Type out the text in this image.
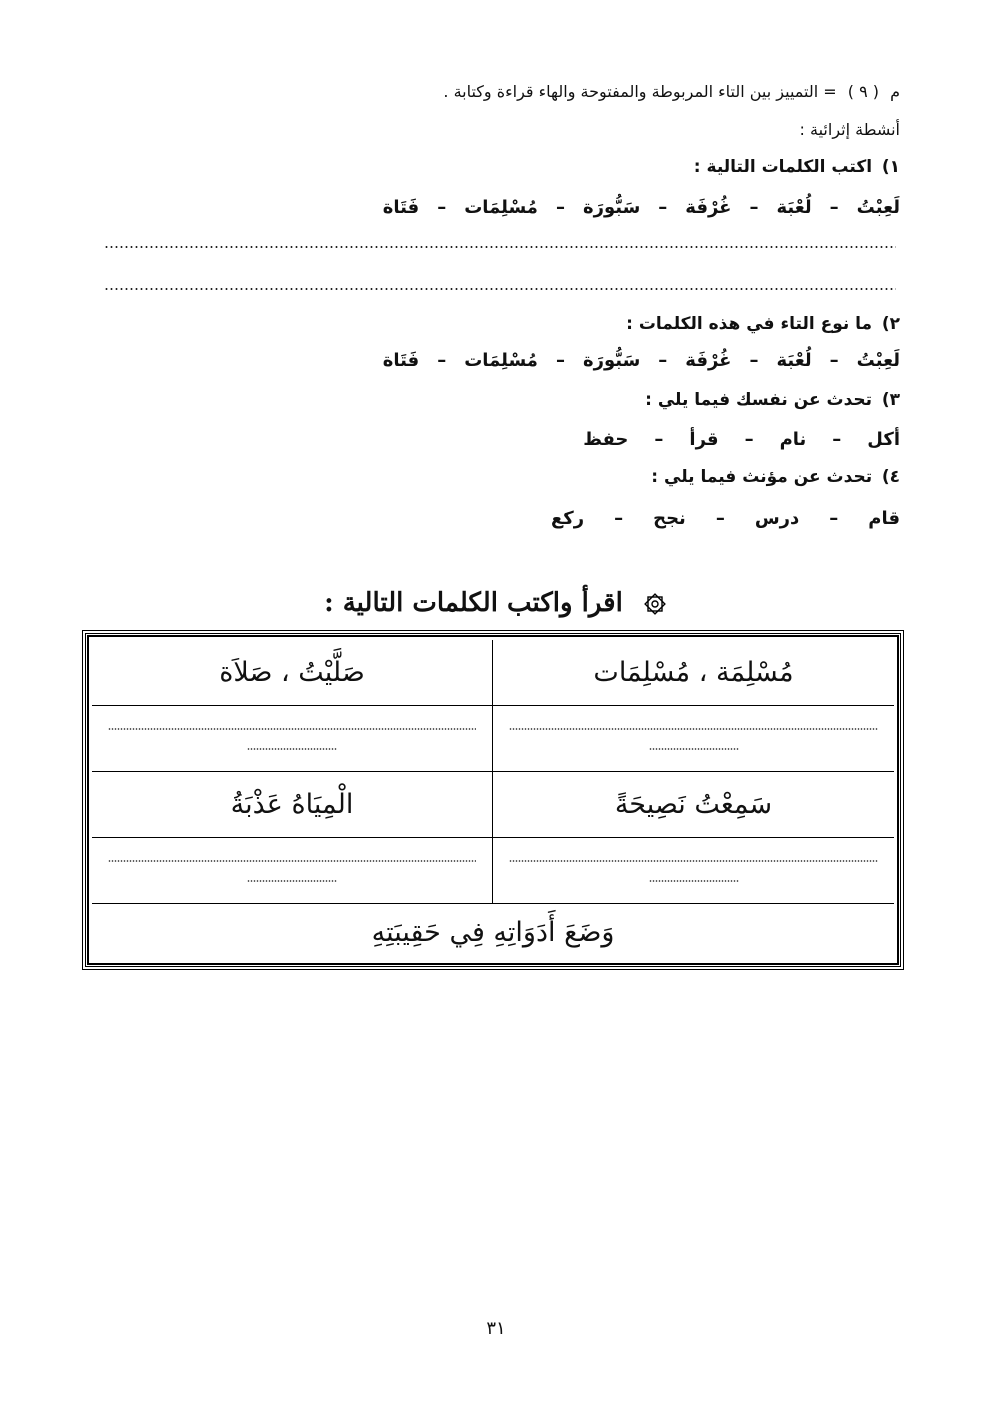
م ( ٩ ) = التمييز بين التاء المربوطة والمفتوحة والهاء قراءة وكتابة .
أنشطة إثرائية :
١) اكتب الكلمات التالية :
لَعِبْتُ
–
لُعْبَة
–
غُرْفَة
–
سَبُّورَة
–
مُسْلِمَات
–
فَتَاة
٢) ما نوع التاء في هذه الكلمات :
لَعِبْتُ
–
لُعْبَة
–
غُرْفَة
–
سَبُّورَة
–
مُسْلِمَات
–
فَتَاة
٣) تحدث عن نفسك فيما يلي :
أكل
–
نام
–
قرأ
–
حفظ
٤) تحدث عن مؤنث فيما يلي :
قام
–
درس
–
نجح
–
ركع
اقرأ واكتب الكلمات التالية :
مُسْلِمَة ، مُسْلِمَات
صَلَّيْتُ ، صَلاَة
سَمِعْتُ نَصِيحَةً
الْمِيَاهُ عَذْبَةُ
وَضَعَ أَدَوَاتِهِ فِي حَقِيبَتِهِ
٣١
